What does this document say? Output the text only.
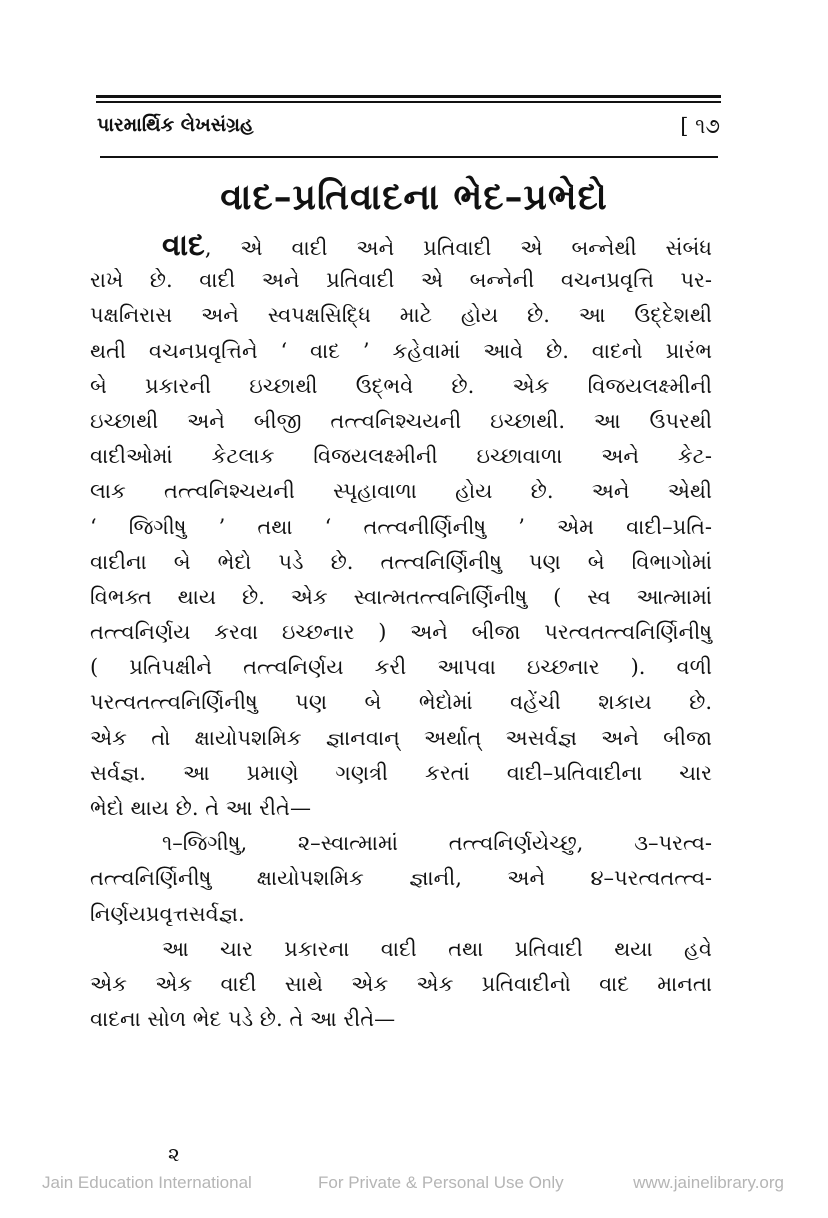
પારમાર્થિક લેખસંગ્રહ	[ ૧૭
વાદ–પ્રતિવાદના ભેદ–પ્રભેદો
વાદ, એ વાદી અને પ્રતિવાદી એ બન્નેથી સંબંધ
રાખે છે. વાદી અને પ્રતિવાદી એ બન્નેની વચનપ્રવૃત્તિ પર-
પક્ષનિરાસ અને સ્વપક્ષસિદ્ધિ માટે હોય છે. આ ઉદ્દેશથી
થતી વચનપ્રવૃત્તિને ‘ વાદ ’ કહેવામાં આવે છે. વાદનો પ્રારંભ
બે પ્રકારની ઇચ્છાથી ઉદ્ભવે છે. એક વિજયલક્ષ્મીની
ઇચ્છાથી અને બીજી તત્ત્વનિશ્ચયની ઇચ્છાથી. આ ઉપરથી
વાદીઓમાં કેટલાક વિજયલક્ષ્મીની ઇચ્છાવાળા અને કેટ-
લાક તત્ત્વનિશ્ચયની સ્પૃહાવાળા હોય છે. અને એથી
‘ જિગીષુ ’ તથા ‘ તત્ત્વનીર્ણિનીષુ ’ એમ વાદી–પ્રતિ-
વાદીના બે ભેદો પડે છે. તત્ત્વનિર્ણિનીષુ પણ બે વિભાગોમાં
વિભક્ત થાય છે. એક સ્વાત્મતત્ત્વનિર્ણિનીષુ ( સ્વ આત્મામાં
તત્ત્વનિર્ણય કરવા ઇચ્છનાર ) અને બીજા પરત્વતત્ત્વનિર્ણિનીષુ
( પ્રતિપક્ષીને તત્ત્વનિર્ણય કરી આપવા ઇચ્છનાર ). વળી
પરત્વતત્ત્વનિર્ણિનીષુ પણ બે ભેદોમાં વહેંચી શકાય છે.
એક તો ક્ષાયોપશમિક જ્ઞાનવાન્ અર્થાત્ અસર્વજ્ઞ અને બીજા
સર્વજ્ઞ. આ પ્રમાણે ગણત્રી કરતાં વાદી–પ્રતિવાદીના ચાર
ભેદો થાય છે. તે આ રીતે—
૧–જિગીષુ, ૨–સ્વાત્મામાં તત્ત્વનિર્ણયેચ્છુ, ૩–પરત્વ-
તત્ત્વનિર્ણિનીષુ ક્ષાયોપશમિક જ્ઞાની, અને ૪–પરત્વતત્ત્વ-
નિર્ણયપ્રવૃત્તસર્વજ્ઞ.
આ ચાર પ્રકારના વાદી તથા પ્રતિવાદી થયા હવે
એક એક વાદી સાથે એક એક પ્રતિવાદીનો વાદ માનતા
વાદના સોળ ભેદ પડે છે. તે આ રીતે—
૨
Jain Education International	For Private & Personal Use Only	www.jainelibrary.org
